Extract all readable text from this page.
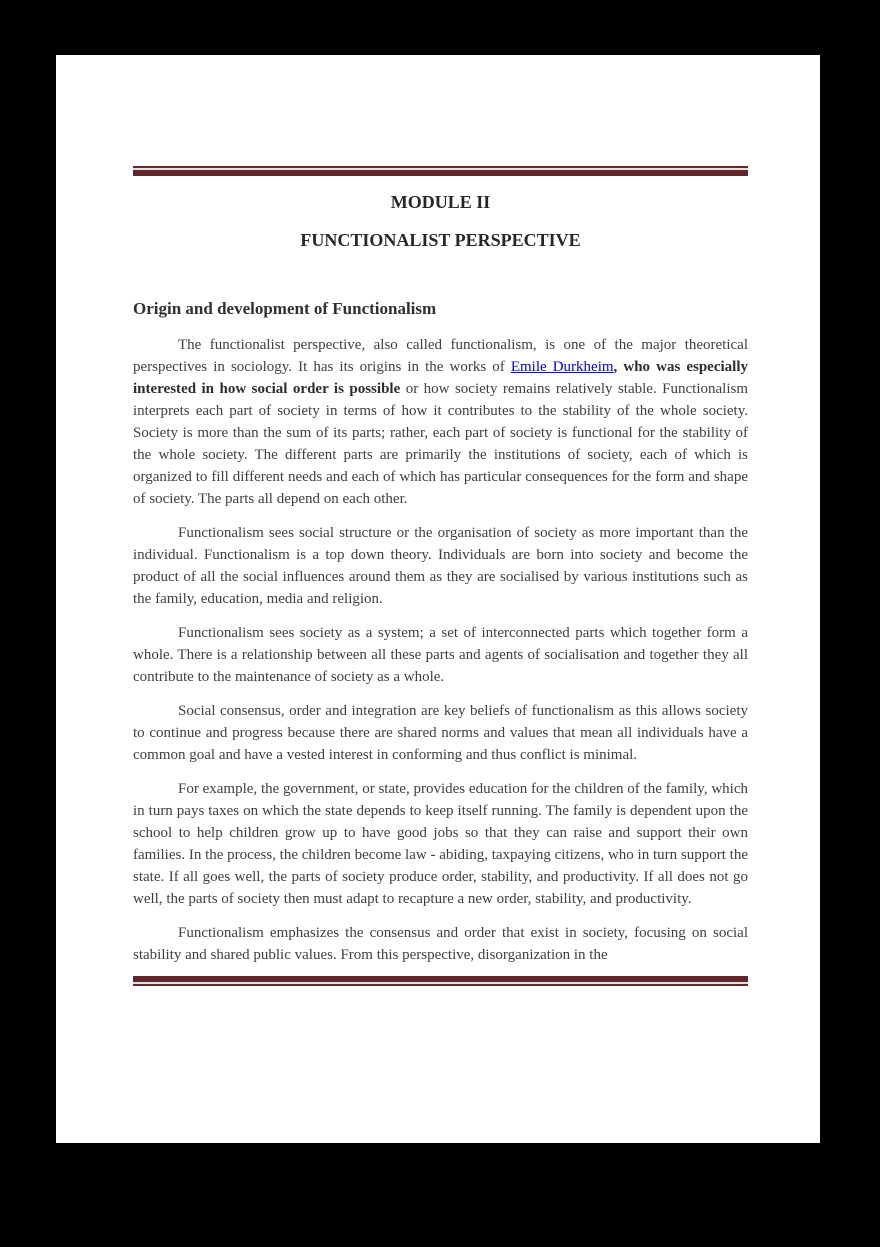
MODULE II
FUNCTIONALIST PERSPECTIVE
Origin and development of Functionalism

The functionalist perspective, also called functionalism, is one of the major theoretical perspectives in sociology. It has its origins in the works of Emile Durkheim, who was especially interested in how social order is possible or how society remains relatively stable. Functionalism interprets each part of society in terms of how it contributes to the stability of the whole society. Society is more than the sum of its parts; rather, each part of society is functional for the stability of the whole society. The different parts are primarily the institutions of society, each of which is organized to fill different needs and each of which has particular consequences for the form and shape of society. The parts all depend on each other.

Functionalism sees social structure or the organisation of society as more important than the individual. Functionalism is a top down theory. Individuals are born into society and become the product of all the social influences around them as they are socialised by various institutions such as the family, education, media and religion.

Functionalism sees society as a system; a set of interconnected parts which together form a whole. There is a relationship between all these parts and agents of socialisation and together they all contribute to the maintenance of society as a whole.

Social consensus, order and integration are key beliefs of functionalism as this allows society to continue and progress because there are shared norms and values that mean all individuals have a common goal and have a vested interest in conforming and thus conflict is minimal.

For example, the government, or state, provides education for the children of the family, which in turn pays taxes on which the state depends to keep itself running. The family is dependent upon the school to help children grow up to have good jobs so that they can raise and support their own families. In the process, the children become law - abiding, taxpaying citizens, who in turn support the state. If all goes well, the parts of society produce order, stability, and productivity. If all does not go well, the parts of society then must adapt to recapture a new order, stability, and productivity.

Functionalism emphasizes the consensus and order that exist in society, focusing on social stability and shared public values. From this perspective, disorganization in the
